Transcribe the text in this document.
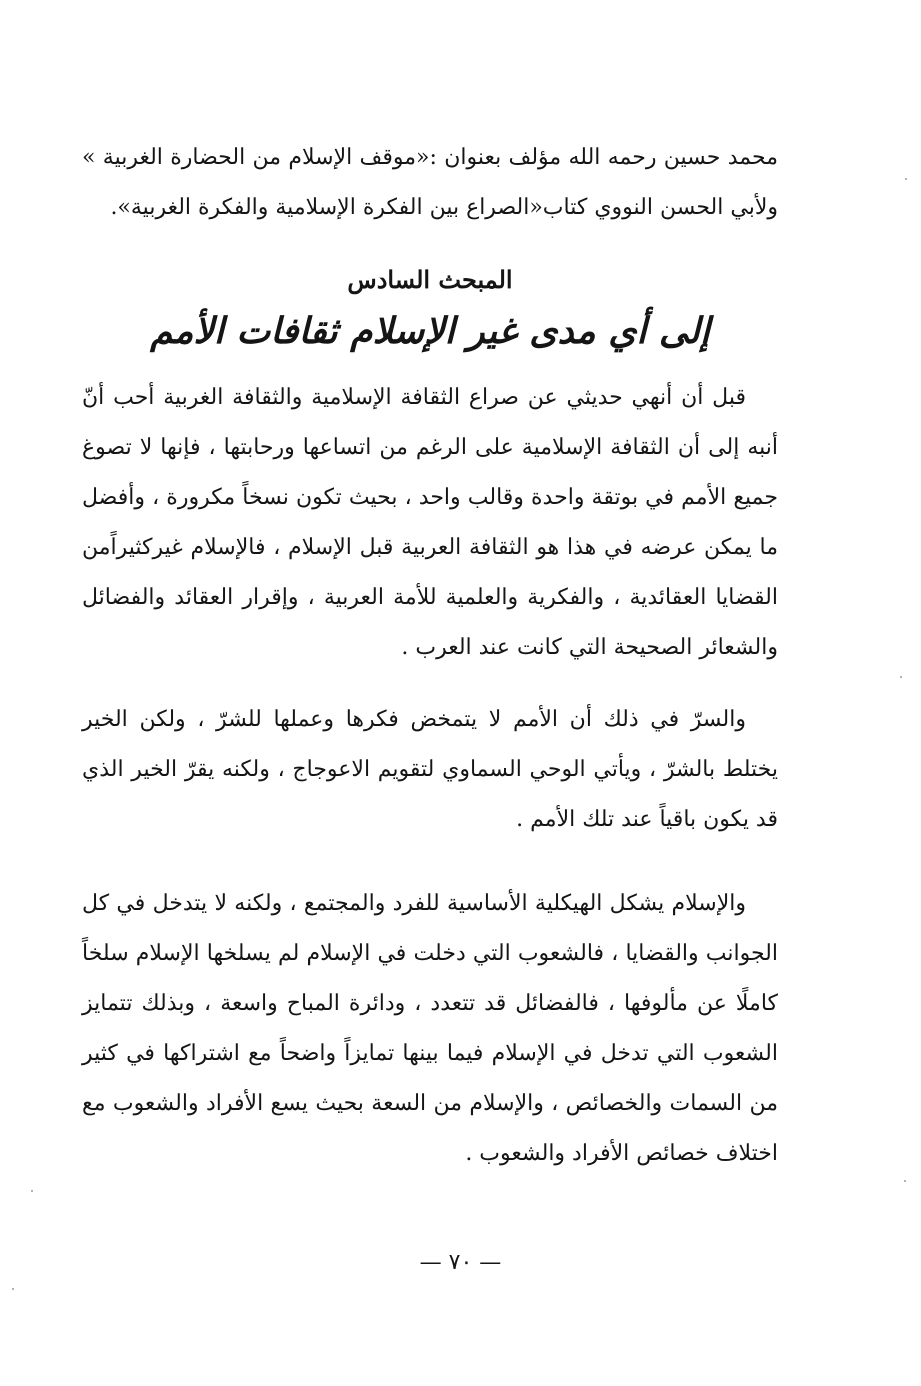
محمد حسين رحمه الله مؤلف بعنوان :«موقف الإسلام من الحضارة الغربية » ولأبي الحسن النووي كتاب«الصراع بين الفكرة الإسلامية والفكرة الغربية».

المبحث السادس
إلى أي مدى غير الإسلام ثقافات الأمم

قبل أن أنهي حديثي عن صراع الثقافة الإسلامية والثقافة الغربية أحب أنّ أنبه إلى أن الثقافة الإسلامية على الرغم من اتساعها ورحابتها ، فإنها لا تصوغ جميع الأمم في بوتقة واحدة وقالب واحد ، بحيث تكون نسخاً مكرورة ، وأفضل ما يمكن عرضه في هذا هو الثقافة العربية قبل الإسلام ، فالإسلام غيركثيراًمن القضايا العقائدية ، والفكرية والعلمية للأمة العربية ، وإقرار العقائد والفضائل والشعائر الصحيحة التي كانت عند العرب .

والسرّ في ذلك أن الأمم لا يتمخض فكرها وعملها للشرّ ، ولكن الخير يختلط بالشرّ ، ويأتي الوحي السماوي لتقويم الاعوجاج ، ولكنه يقرّ الخير الذي قد يكون باقياً عند تلك الأمم .

والإسلام يشكل الهيكلية الأساسية للفرد والمجتمع ، ولكنه لا يتدخل في كل الجوانب والقضايا ، فالشعوب التي دخلت في الإسلام لم يسلخها الإسلام سلخاً كاملًا عن مألوفها ، فالفضائل قد تتعدد ، ودائرة المباح واسعة ، وبذلك تتمايز الشعوب التي تدخل في الإسلام فيما بينها تمايزاً واضحاً مع اشتراكها في كثير من السمات والخصائص ، والإسلام من السعة بحيث يسع الأفراد والشعوب مع اختلاف خصائص الأفراد والشعوب .

— ٧٠ —
